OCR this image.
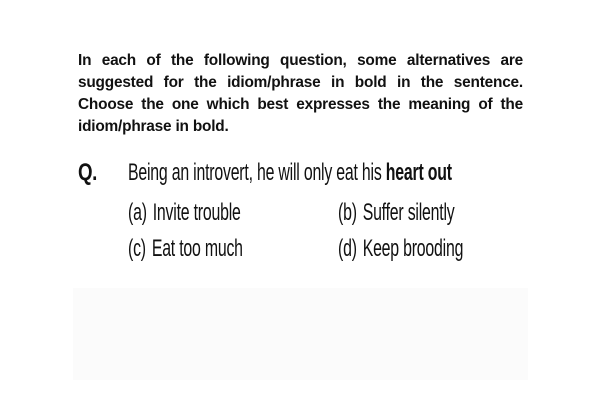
In each of the following question, some alternatives are suggested for the idiom/phrase in bold in the sentence. Choose the one which best expresses the meaning of the idiom/phrase in bold.

Q. Being an introvert, he will only eat his heart out
(a) Invite trouble	(b) Suffer silently
(c) Eat too much	(d) Keep brooding
